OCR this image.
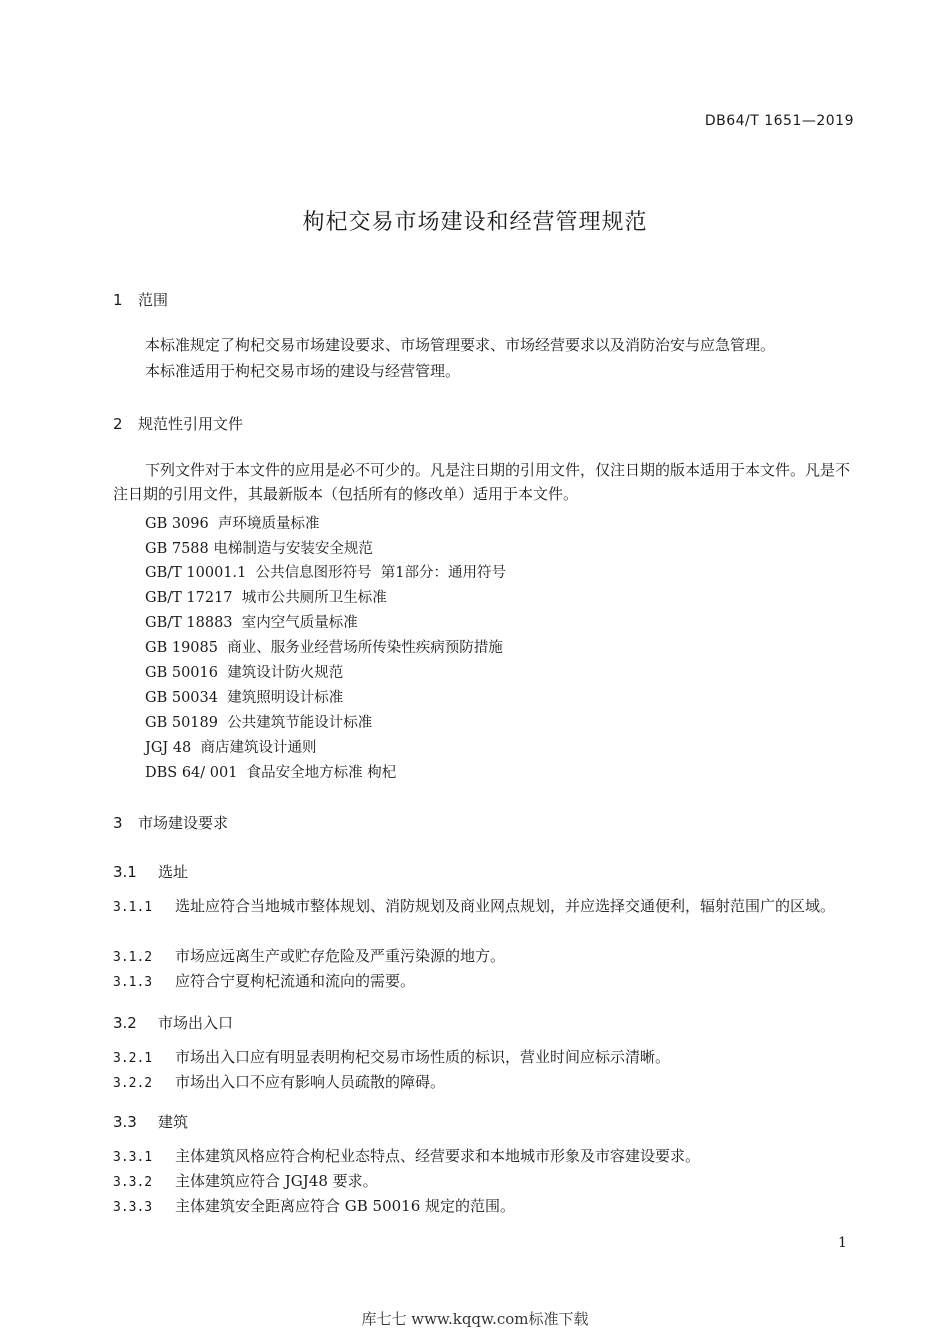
DB64/T 1651—2019
枸杞交易市场建设和经营管理规范
1 范围
本标准规定了枸杞交易市场建设要求、市场管理要求、市场经营要求以及消防治安与应急管理。
本标准适用于枸杞交易市场的建设与经营管理。
2 规范性引用文件
下列文件对于本文件的应用是必不可少的。凡是注日期的引用文件，仅注日期的版本适用于本文件。凡是不注日期的引用文件，其最新版本（包括所有的修改单）适用于本文件。
GB 3096  声环境质量标准
GB 7588 电梯制造与安装安全规范
GB/T 10001.1  公共信息图形符号  第1部分：通用符号
GB/T 17217  城市公共厕所卫生标准
GB/T 18883  室内空气质量标准
GB 19085  商业、服务业经营场所传染性疾病预防措施
GB 50016  建筑设计防火规范
GB 50034  建筑照明设计标准
GB 50189  公共建筑节能设计标准
JGJ 48  商店建筑设计通则
DBS 64/ 001  食品安全地方标准 枸杞
3 市场建设要求
3.1 选址
3.1.1 选址应符合当地城市整体规划、消防规划及商业网点规划，并应选择交通便利，辐射范围广的区域。
3.1.2 市场应远离生产或贮存危险及严重污染源的地方。
3.1.3 应符合宁夏枸杞流通和流向的需要。
3.2 市场出入口
3.2.1 市场出入口应有明显表明枸杞交易市场性质的标识，营业时间应标示清晰。
3.2.2 市场出入口不应有影响人员疏散的障碍。
3.3 建筑
3.3.1 主体建筑风格应符合枸杞业态特点、经营要求和本地城市形象及市容建设要求。
3.3.2 主体建筑应符合 JGJ48 要求。
3.3.3 主体建筑安全距离应符合 GB 50016 规定的范围。
1
库七七 www.kqqw.com标准下载
